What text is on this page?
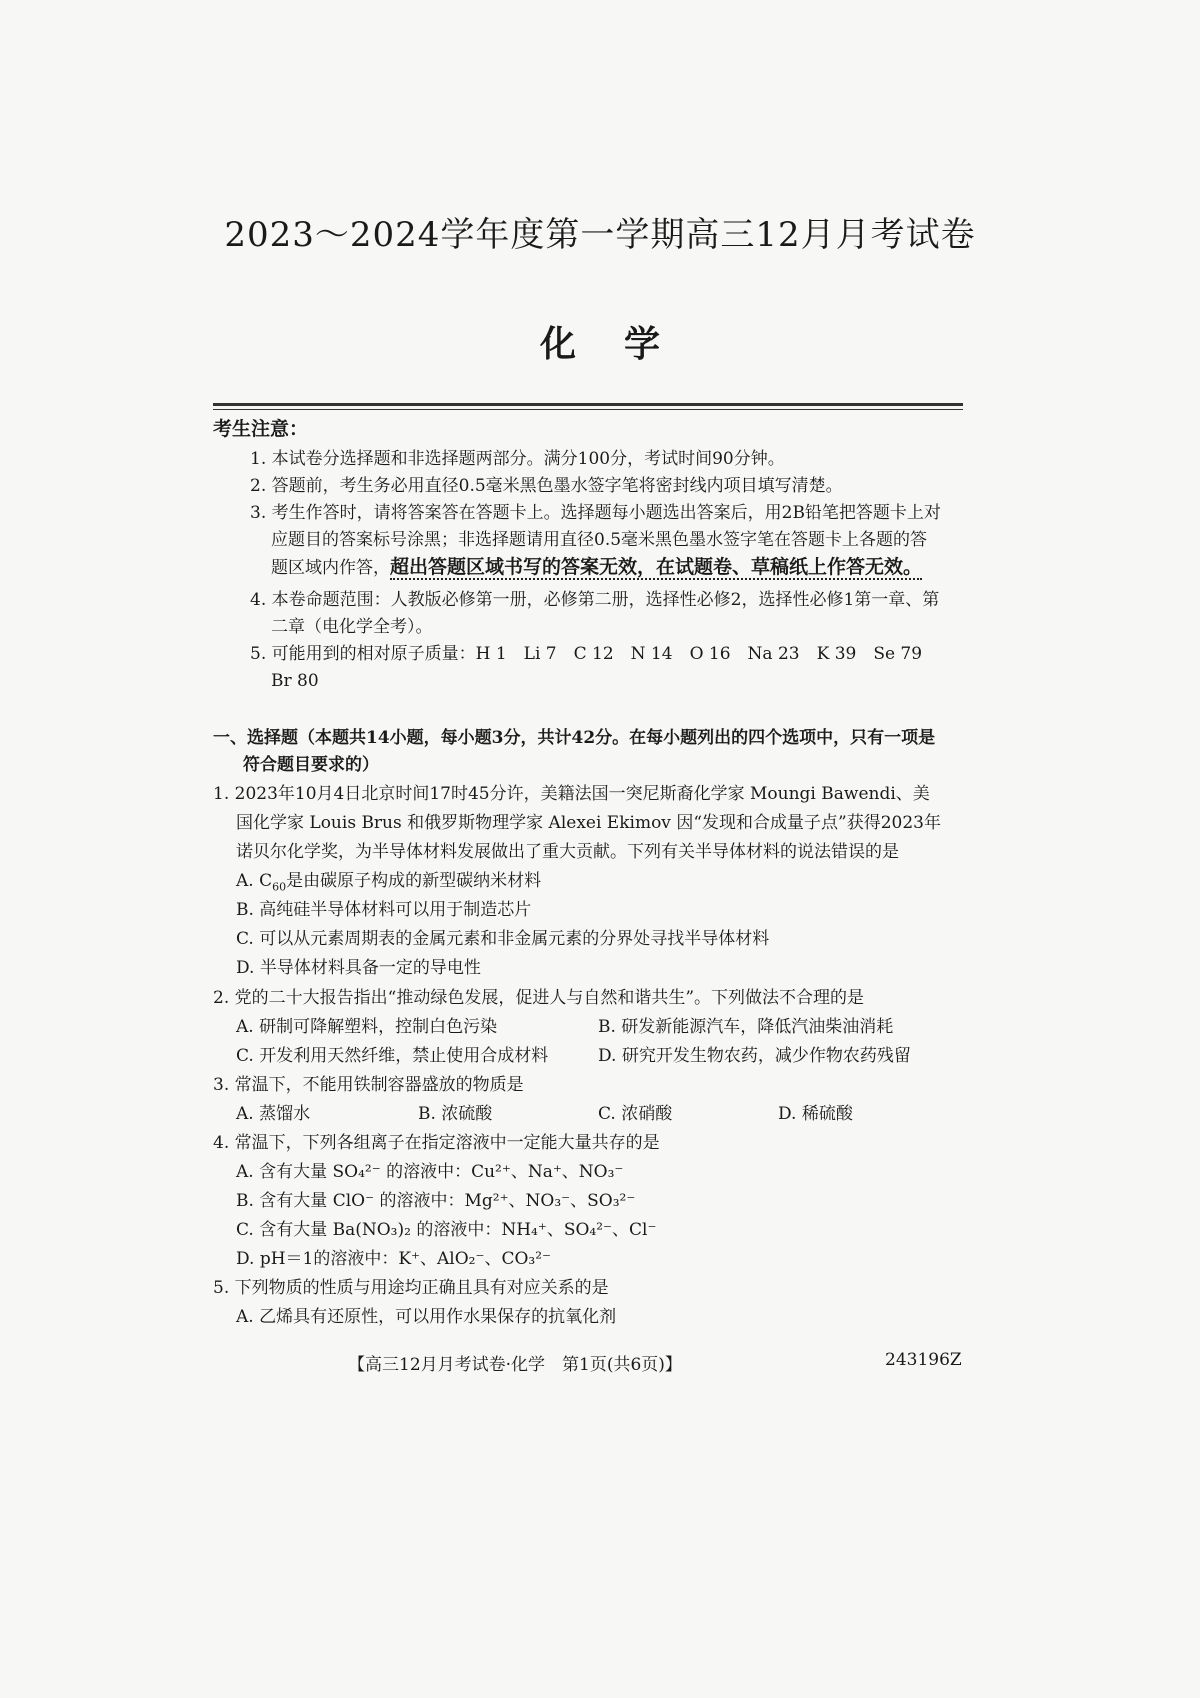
2023～2024学年度第一学期高三12月月考试卷
化学
考生注意：
1. 本试卷分选择题和非选择题两部分。满分100分，考试时间90分钟。
2. 答题前，考生务必用直径0.5毫米黑色墨水签字笔将密封线内项目填写清楚。
3. 考生作答时，请将答案答在答题卡上。选择题每小题选出答案后，用2B铅笔把答题卡上对
应题目的答案标号涂黑；非选择题请用直径0.5毫米黑色墨水签字笔在答题卡上各题的答
题区域内作答，超出答题区域书写的答案无效，在试题卷、草稿纸上作答无效。
4. 本卷命题范围：人教版必修第一册，必修第二册，选择性必修2，选择性必修1第一章、第
二章（电化学全考）。
5. 可能用到的相对原子质量：H 1　Li 7　C 12　N 14　O 16　Na 23　K 39　Se 79
Br 80
一、选择题（本题共14小题，每小题3分，共计42分。在每小题列出的四个选项中，只有一项是
符合题目要求的）
1. 2023年10月4日北京时间17时45分许，美籍法国一突尼斯裔化学家 Moungi Bawendi、美
国化学家 Louis Brus 和俄罗斯物理学家 Alexei Ekimov 因“发现和合成量子点”获得2023年
诺贝尔化学奖，为半导体材料发展做出了重大贡献。下列有关半导体材料的说法错误的是
A. $C_{60}$是由碳原子构成的新型碳纳米材料
B. 高纯硅半导体材料可以用于制造芯片
C. 可以从元素周期表的金属元素和非金属元素的分界处寻找半导体材料
D. 半导体材料具备一定的导电性
2. 党的二十大报告指出“推动绿色发展，促进人与自然和谐共生”。下列做法不合理的是
A. 研制可降解塑料，控制白色污染	B. 研发新能源汽车，降低汽油柴油消耗
C. 开发利用天然纤维，禁止使用合成材料	D. 研究开发生物农药，减少作物农药残留
3. 常温下，不能用铁制容器盛放的物质是
A. 蒸馏水	B. 浓硫酸	C. 浓硝酸	D. 稀硫酸
4. 常温下，下列各组离子在指定溶液中一定能大量共存的是
A. 含有大量 SO₄²⁻ 的溶液中：Cu²⁺、Na⁺、NO₃⁻
B. 含有大量 ClO⁻ 的溶液中：Mg²⁺、NO₃⁻、SO₃²⁻
C. 含有大量 Ba(NO₃)₂ 的溶液中：NH₄⁺、SO₄²⁻、Cl⁻
D. pH＝1的溶液中：K⁺、AlO₂⁻、CO₃²⁻
5. 下列物质的性质与用途均正确且具有对应关系的是
A. 乙烯具有还原性，可以用作水果保存的抗氧化剂
【高三12月月考试卷·化学　第1页(共6页)】	243196Z
